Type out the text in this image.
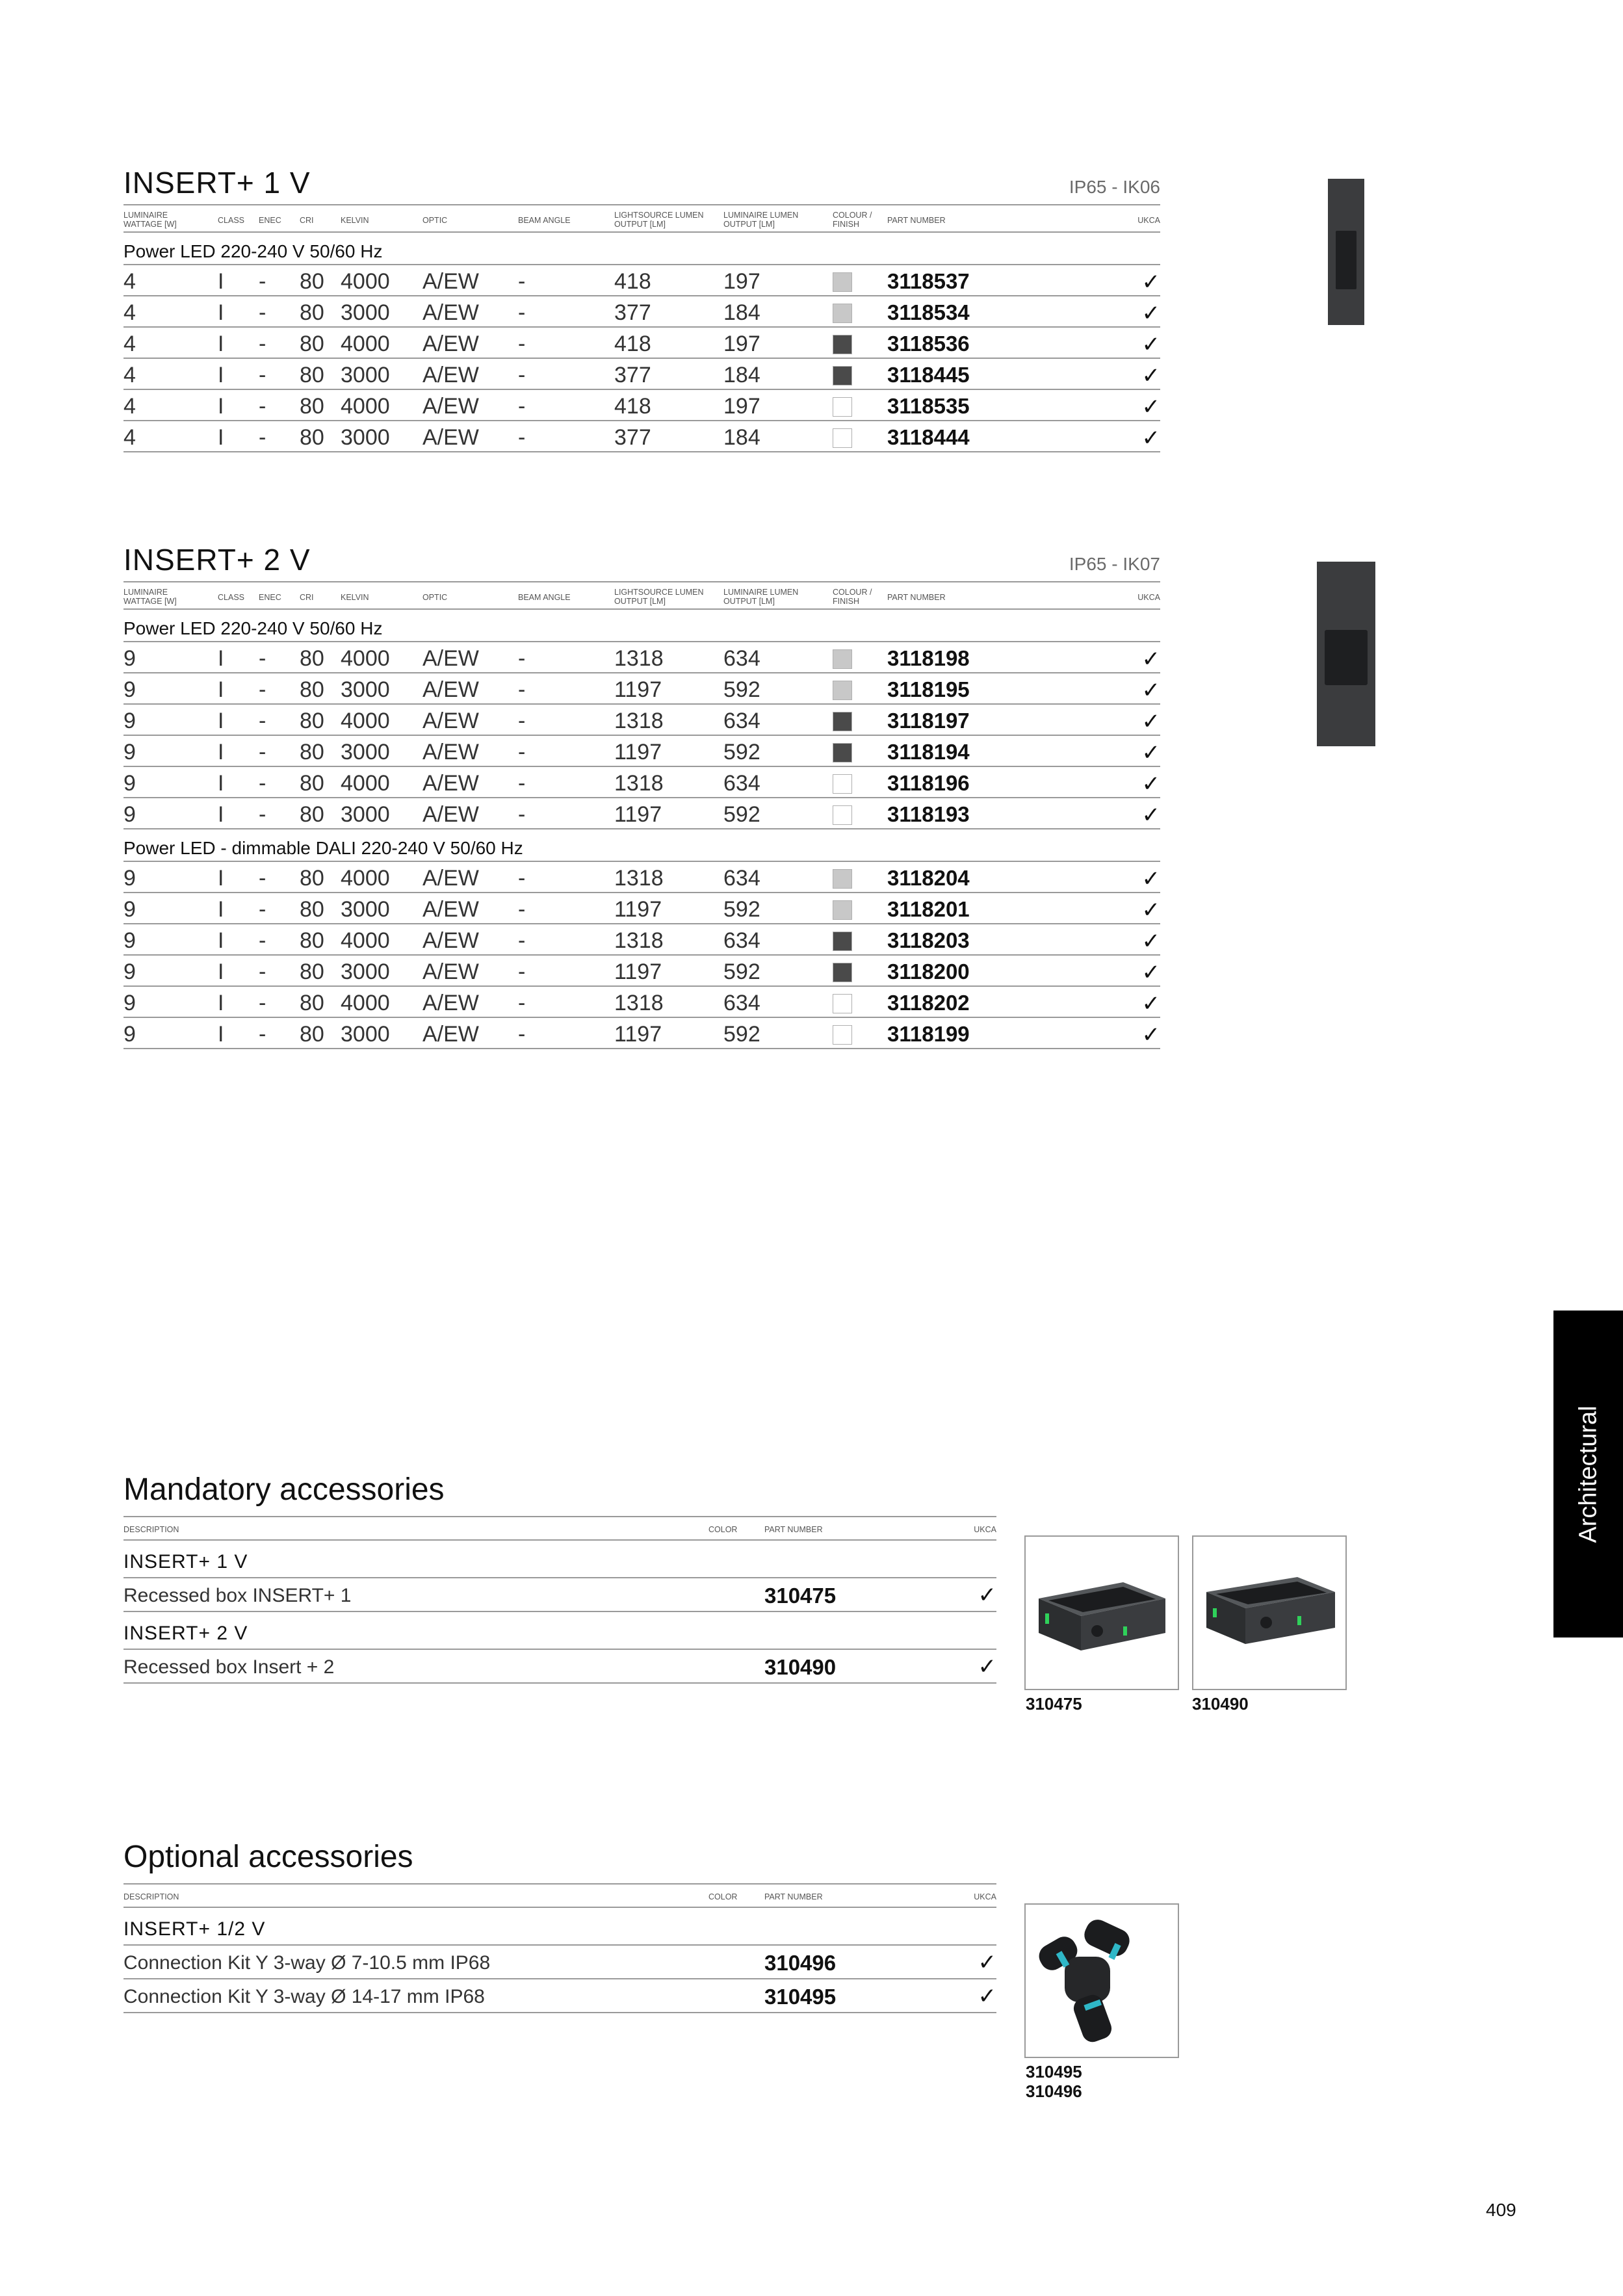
INSERT+ 1 V	IP65 - IK06
LUMINAIRE
WATTAGE [W]	CLASS ENEC CRI	KELVIN	OPTIC	BEAM ANGLE
LIGHTSOURCE LUMEN
OUTPUT [LM]
LUMINAIRE LUMEN
OUTPUT [LM]
COLOUR /
FINISH	PART NUMBER	UKCA
Power LED 220-240 V 50/60 Hz
4	I - 80 4000 A/EW -	418	197	3118537	✓
4	I - 80 3000 A/EW -	377	184	3118534	✓
4	I - 80 4000 A/EW -	418	197	3118536	✓
4	I - 80 3000 A/EW -	377	184	3118445	✓
4	I - 80 4000 A/EW -	418	197	3118535	✓
4	I - 80 3000 A/EW -	377	184	3118444	✓
INSERT+ 2 V	IP65 - IK07
LUMINAIRE
WATTAGE [W]	CLASS ENEC CRI	KELVIN	OPTIC	BEAM ANGLE
LIGHTSOURCE LUMEN
OUTPUT [LM]
LUMINAIRE LUMEN
OUTPUT [LM]
COLOUR /
FINISH	PART NUMBER	UKCA
Power LED 220-240 V 50/60 Hz
9	I - 80 4000 A/EW -	1318	634	3118198	✓
9	I - 80 3000 A/EW -	1197	592	3118195	✓
9	I - 80 4000 A/EW -	1318	634	3118197	✓
9	I - 80 3000 A/EW -	1197	592	3118194	✓
9	I - 80 4000 A/EW -	1318	634	3118196	✓
9	I - 80 3000 A/EW -	1197	592	3118193	✓
Power LED - dimmable DALI 220-240 V 50/60 Hz
9	I - 80 4000 A/EW -	1318	634	3118204	✓
9	I - 80 3000 A/EW -	1197	592	3118201	✓
9	I - 80 4000 A/EW -	1318	634	3118203	✓
9	I - 80 3000 A/EW -	1197	592	3118200	✓
9	I - 80 4000 A/EW -	1318	634	3118202	✓
9	I - 80 3000 A/EW -	1197	592	3118199	✓
Mandatory accessories
DESCRIPTION	COLOR	PART NUMBER	UKCA
INSERT+ 1 V
Recessed box INSERT+ 1	310475	✓
INSERT+ 2 V
Recessed box Insert + 2	310490	✓
310475	310490
Optional accessories
DESCRIPTION	COLOR	PART NUMBER	UKCA
INSERT+ 1/2 V
Connection Kit Y 3-way Ø 7-10.5 mm IP68	310496	✓
Connection Kit Y 3-way Ø 14-17 mm IP68	310495	✓
310495
310496
Architectural
409
